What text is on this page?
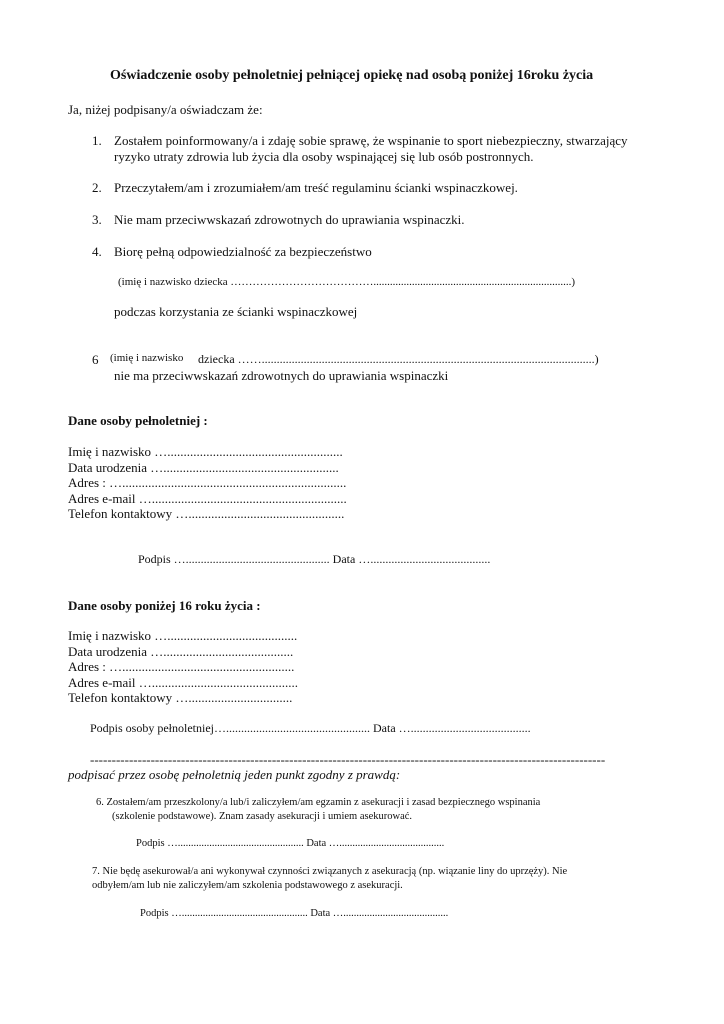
Oświadczenie osoby pełnoletniej pełniącej opiekę nad osobą poniżej 16roku życia
Ja, niżej podpisany/a oświadczam że:
1. Zostałem poinformowany/a i zdaję sobie sprawę, że wspinanie to sport niebezpieczny, stwarzający
ryzyko utraty zdrowia lub życia dla osoby wspinającej się lub osób postronnych.
2. Przeczytałem/am i zrozumiałem/am treść regulaminu ścianki wspinaczkowej.
3. Nie mam przeciwwskazań zdrowotnych do uprawiania wspinaczki.
4. Biorę pełną odpowiedzialność za bezpieczeństwo
(imię i nazwisko dziecka …………………………………........................................................................)
podczas korzystania ze ścianki wspinaczkowej
6 (imię i nazwisko dziecka ……...............................................................................................................)
nie ma przeciwwskazań zdrowotnych do uprawiania wspinaczki
Dane osoby pełnoletniej :
Imię i nazwisko …......................................................
Data urodzenia …......................................................
Adres : ….....................................................................
Adres e-mail …............................................................
Telefon kontaktowy …................................................
Podpis …................................................ Data …........................................
Dane osoby poniżej 16 roku życia :
Imię i nazwisko …........................................
Data urodzenia …........................................
Adres : ….....................................................
Adres e-mail ….............................................
Telefon kontaktowy …................................
Podpis osoby pełnoletniej…................................................ Data …........................................
-----------------------------------------------------------------------------------------------------------------------
podpisać przez osobę pełnoletnią jeden punkt zgodny z prawdą:
6. Zostałem/am przeszkolony/a lub/i zaliczyłem/am egzamin z asekuracji i zasad bezpiecznego wspinania
(szkolenie podstawowe). Znam zasady asekuracji i umiem asekurować.
Podpis …................................................ Data …........................................
7. Nie będę asekurował/a ani wykonywał czynności związanych z asekuracją (np. wiązanie liny do uprzęży). Nie
odbyłem/am lub nie zaliczyłem/am szkolenia podstawowego z asekuracji.
Podpis …................................................ Data …........................................
